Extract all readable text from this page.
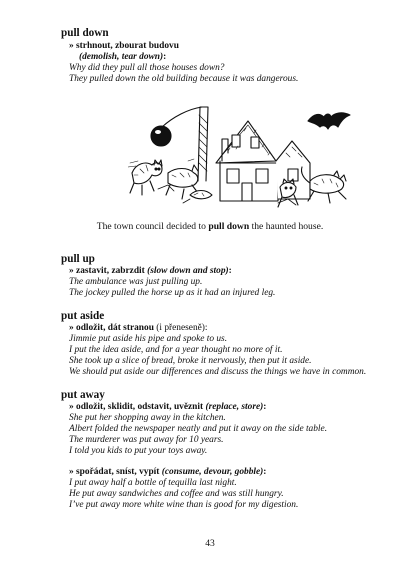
pull down
» strhnout, zbourat budovu
(demolish, tear down):
Why did they pull all those houses down?
They pulled down the old building because it was dangerous.
The town council decided to pull down the haunted house.
pull up
» zastavit, zabrzdit (slow down and stop):
The ambulance was just pulling up.
The jockey pulled the horse up as it had an injured leg.
put aside
» odložit, dát stranou (i přeneseně):
Jimmie put aside his pipe and spoke to us.
I put the idea aside, and for a year thought no more of it.
She took up a slice of bread, broke it nervously, then put it aside.
We should put aside our differences and discuss the things we have in common.
put away
» odložit, sklidit, odstavit, uvěznit (replace, store):
She put her shopping away in the kitchen.
Albert folded the newspaper neatly and put it away on the side table.
The murderer was put away for 10 years.
I told you kids to put your toys away.
» spořádat, sníst, vypít (consume, devour, gobble):
I put away half a bottle of tequilla last night.
He put away sandwiches and coffee and was still hungry.
I’ve put away more white wine than is good for my digestion.
43
